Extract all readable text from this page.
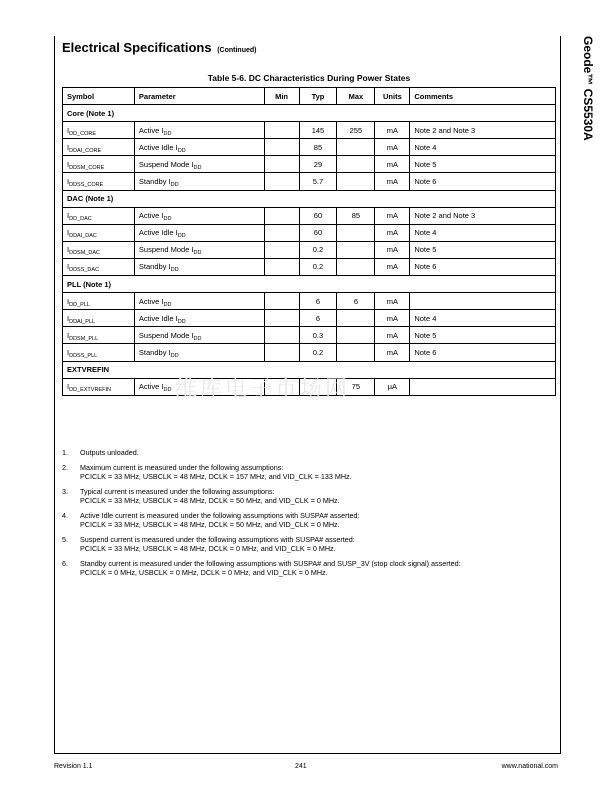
Geode™ CS5530A
Electrical Specifications (Continued)
Table 5-6. DC Characteristics During Power States
Symbol	Parameter	Min	Typ	Max	Units	Comments
Core (Note 1)						
$I_{DD\_CORE}$	Active $I_{DD}$		145	255	mA	Note 2 and Note 3
$I_{DDAI\_CORE}$	Active Idle $I_{DD}$		85		mA	Note 4
$I_{DDSM\_CORE}$	Suspend Mode $I_{DD}$		29		mA	Note 5
$I_{DDSS\_CORE}$	Standby $I_{DD}$		5.7		mA	Note 6
DAC (Note 1)						
$I_{DD\_DAC}$	Active $I_{DD}$		60	85	mA	Note 2 and Note 3
$I_{DDAI\_DAC}$	Active Idle $I_{DD}$		60		mA	Note 4
$I_{DDSM\_DAC}$	Suspend Mode $I_{DD}$		0.2		mA	Note 5
$I_{DDSS\_DAC}$	Standby $I_{DD}$		0.2		mA	Note 6
PLL (Note 1)						
$I_{DD\_PLL}$	Active $I_{DD}$		6	6	mA	
$I_{DDAI\_PLL}$	Active Idle $I_{DD}$		6		mA	Note 4
$I_{DDSM\_PLL}$	Suspend Mode $I_{DD}$		0.3		mA	Note 5
$I_{DDSS\_PLL}$	Standby $I_{DD}$		0.2		mA	Note 6
EXTVREFIN						
$I_{DD\_EXTVREFIN}$	Active $I_{DD}$			75	µA	
维库电子市场网
1.	Outputs unloaded.
2.	Maximum current is measured under the following assumptions:
PCICLK = 33 MHz, USBCLK = 48 MHz, DCLK = 157 MHz, and VID_CLK = 133 MHz.
3.	Typical current is measured under the following assumptions:
PCICLK = 33 MHz, USBCLK = 48 MHz, DCLK = 50 MHz, and VID_CLK = 0 MHz.
4.	Active Idle current is measured under the following assumptions with SUSPA# asserted:
PCICLK = 33 MHz, USBCLK = 48 MHz, DCLK = 50 MHz, and VID_CLK = 0 MHz.
5.	Suspend current is measured under the following assumptions with SUSPA# asserted:
PCICLK = 33 MHz, USBCLK = 48 MHz, DCLK = 0 MHz, and VID_CLK = 0 MHz.
6.	Standby current is measured under the following assumptions with SUSPA# and SUSP_3V (stop clock signal) asserted:
PCICLK = 0 MHz, USBCLK = 0 MHz, DCLK = 0 MHz, and VID_CLK = 0 MHz.
Revision 1.1	241	www.national.com
